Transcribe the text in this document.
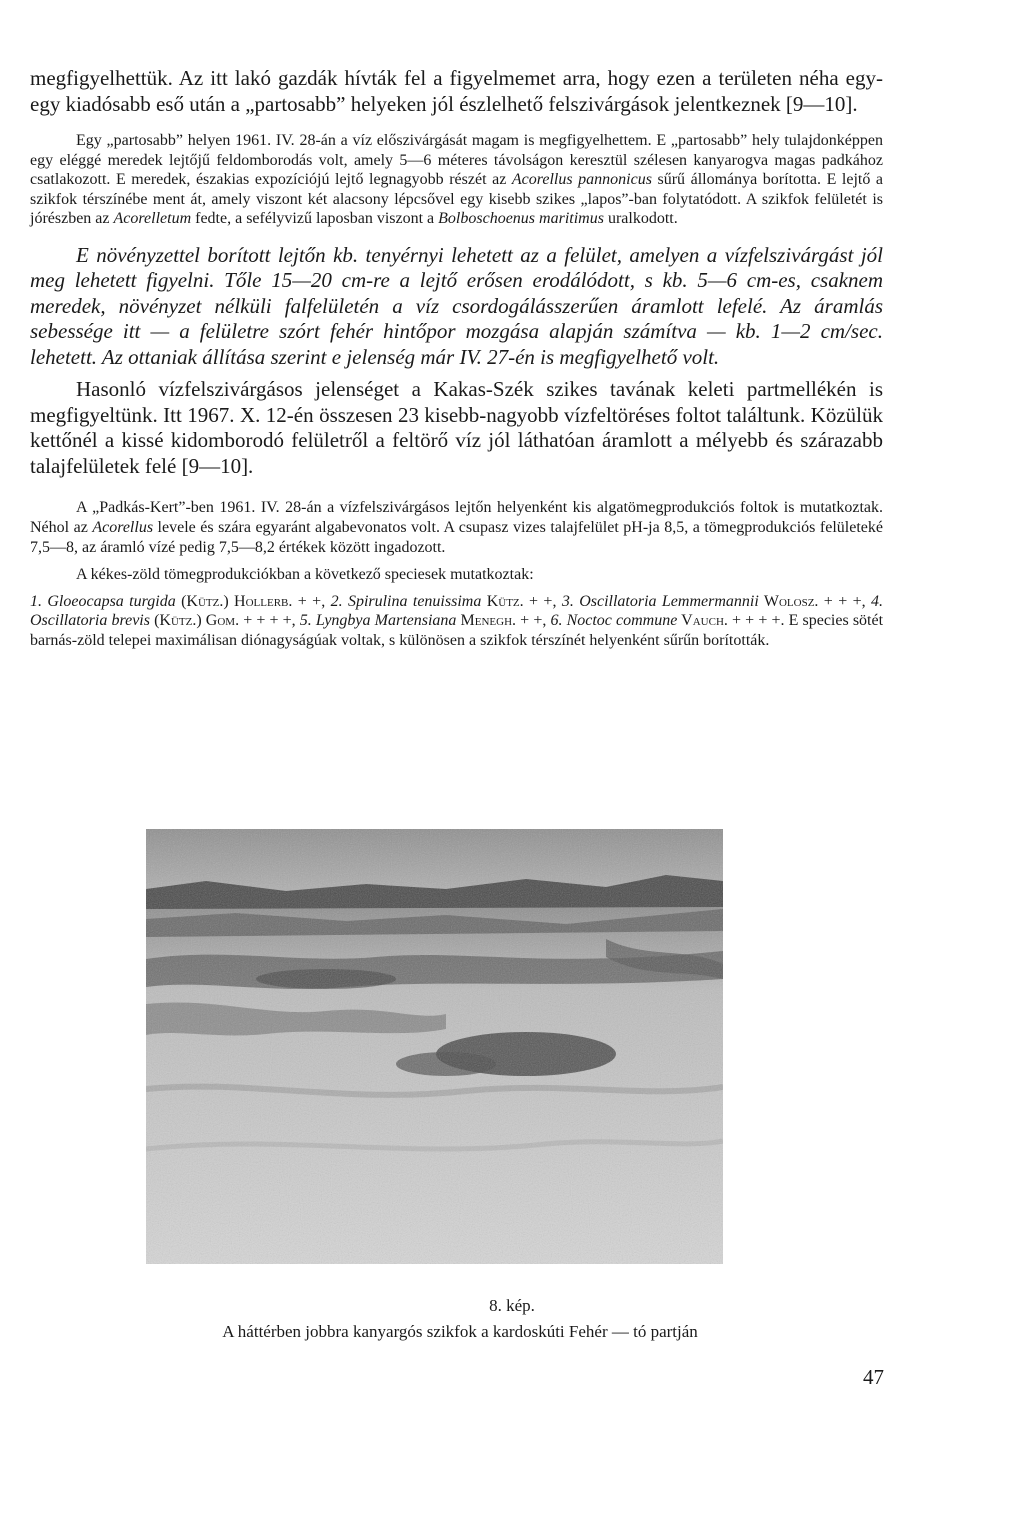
megfigyelhettük. Az itt lakó gazdák hívták fel a figyelmemet arra, hogy ezen a területen néha egy-egy kiadósabb eső után a „partosabb” helyeken jól észlelhető felszivárgások jelentkeznek [9—10].

Egy „partosabb” helyen 1961. IV. 28-án a víz előszivárgását magam is megfigyelhettem. E „partosabb” hely tulajdonképpen egy eléggé meredek lejtőjű feldomborodás volt, amely 5—6 méteres távolságon keresztül szélesen kanyarogva magas padkához csatlakozott. E meredek, északias expozíciójú lejtő legnagyobb részét az Acorellus pannonicus sűrű állománya borította. E lejtő a szikfok térszínébe ment át, amely viszont két alacsony lépcsővel egy kisebb szikes „lapos”-ban folytatódott. A szikfok felületét is jórészben az Acorelletum fedte, a sefélyvizű laposban viszont a Bolboschoenus maritimus uralkodott.

E növényzettel borított lejtőn kb. tenyérnyi lehetett az a felület, amelyen a vízfelszivárgást jól meg lehetett figyelni. Tőle 15—20 cm-re a lejtő erősen erodálódott, s kb. 5—6 cm-es, csaknem meredek, növényzet nélküli falfelületén a víz csordogálásszerűen áramlott lefelé. Az áramlás sebessége itt — a felületre szórt fehér hintőpor mozgása alapján számítva — kb. 1—2 cm/sec. lehetett. Az ottaniak állítása szerint e jelenség már IV. 27-én is megfigyelhető volt.

Hasonló vízfelszivárgásos jelenséget a Kakas-Szék szikes tavának keleti partmellékén is megfigyeltünk. Itt 1967. X. 12-én összesen 23 kisebb-nagyobb vízfeltöréses foltot találtunk. Közülük kettőnél a kissé kidomborodó felületről a feltörő víz jól láthatóan áramlott a mélyebb és szárazabb talajfelületek felé [9—10].

A „Padkás-Kert”-ben 1961. IV. 28-án a vízfelszivárgásos lejtőn helyenként kis algatömegprodukciós foltok is mutatkoztak. Néhol az Acorellus levele és szára egyaránt algabevonatos volt. A csupasz vizes talajfelület pH-ja 8,5, a tömegprodukciós felületeké 7,5—8, az áramló vízé pedig 7,5—8,2 értékek között ingadozott.

A kékes-zöld tömegprodukciókban a következő speciesek mutatkoztak:

1. Gloeocapsa turgida (Kütz.) Hollerb. + +, 2. Spirulina tenuissima Kütz. + +, 3. Oscillatoria Lemmermannii Wolosz. + + +, 4. Oscillatoria brevis (Kütz.) Gom. + + + +, 5. Lyngbya Martensiana Menegh. + +, 6. Noctoc commune Vauch. + + + +. E species sötét barnás-zöld telepei maximálisan diónagyságúak voltak, s különösen a szikfok térszínét helyenként sűrűn borították.

8. kép.
A háttérben jobbra kanyargós szikfok a kardoskúti Fehér — tó partján
47
